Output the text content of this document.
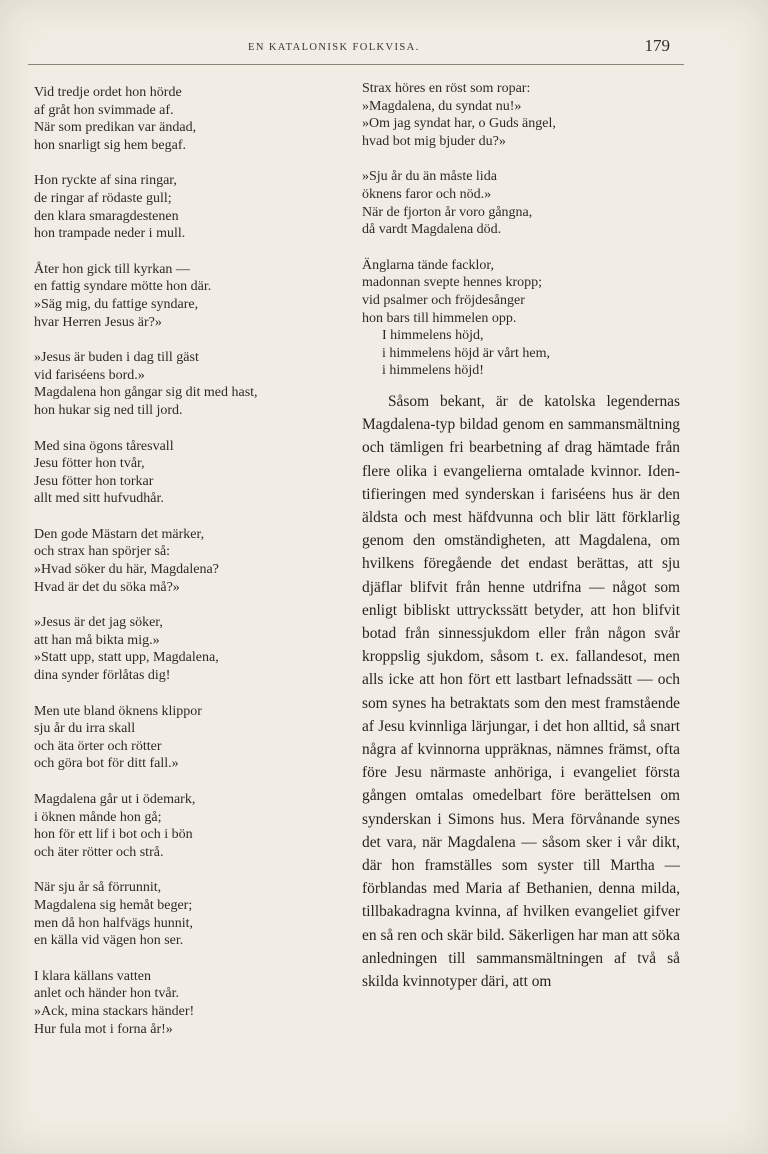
EN KATALONISK FOLKVISA.	179
Vid tredje ordet hon hörde
af gråt hon svimmade af.
När som predikan var ändad,
hon snarligt sig hem begaf.
Hon ryckte af sina ringar,
de ringar af rödaste gull;
den klara smaragdestenen
hon trampade neder i mull.
Åter hon gick till kyrkan —
en fattig syndare mötte hon där.
»Säg mig, du fattige syndare,
hvar Herren Jesus är?»
»Jesus är buden i dag till gäst
vid fariséens bord.»
Magdalena hon gångar sig dit med hast,
hon hukar sig ned till jord.
Med sina ögons tåresvall
Jesu fötter hon tvår,
Jesu fötter hon torkar
allt med sitt hufvudhår.
Den gode Mästarn det märker,
och strax han spörjer så:
»Hvad söker du här, Magdalena?
Hvad är det du söka må?»
»Jesus är det jag söker,
att han må bikta mig.»
»Statt upp, statt upp, Magdalena,
dina synder förlåtas dig!
Men ute bland öknens klippor
sju år du irra skall
och äta örter och rötter
och göra bot för ditt fall.»
Magdalena går ut i ödemark,
i öknen månde hon gå;
hon för ett lif i bot och i bön
och äter rötter och strå.
När sju år så förrunnit,
Magdalena sig hemåt beger;
men då hon halfvägs hunnit,
en källa vid vägen hon ser.
I klara källans vatten
anlet och händer hon tvår.
»Ack, mina stackars händer!
Hur fula mot i forna år!»
Strax höres en röst som ropar:
»Magdalena, du syndat nu!»
»Om jag syndat har, o Guds ängel,
hvad bot mig bjuder du?»
»Sju år du än måste lida
öknens faror och nöd.»
När de fjorton år voro gångna,
då vardt Magdalena död.
Änglarna tände facklor,
madonnan svepte hennes kropp;
vid psalmer och fröjdesånger
hon bars till himmelen opp.
I himmelens höjd,
i himmelens höjd är vårt hem,
i himmelens höjd!

Såsom bekant, är de katolska legendernas Magdalena-typ bildad genom en sammansmältning och tämligen fri bearbetning af drag hämtade från flere olika i evangelierna omtalade kvinnor. Identifieringen med synderskan i fariséens hus är den äldsta och mest häfdvunna och blir lätt förklarlig genom den omständigheten, att Magdalena, om hvilkens föregående det endast berättas, att sju djäflar blifvit från henne utdrifna — något som enligt bibliskt uttryckssätt betyder, att hon blifvit botad från sinnessjukdom eller från någon svår kroppslig sjukdom, såsom t. ex. fallandesot, men alls icke att hon fört ett lastbart lefnadssätt — och som synes ha betraktats som den mest framstående af Jesu kvinnliga lärjungar, i det hon alltid, så snart några af kvinnorna uppräknas, nämnes främst, ofta före Jesu närmaste anhöriga, i evangeliet första gången omtalas omedelbart före berättelsen om synderskan i Simons hus. Mera förvånande synes det vara, när Magdalena — såsom sker i vår dikt, där hon framställes som syster till Martha — förblandas med Maria af Bethanien, denna milda, tillbakadragna kvinna, af hvilken evangeliet gifver en så ren och skär bild. Säkerligen har man att söka anledningen till sammansmältningen af två så skilda kvinnotyper däri, att om
